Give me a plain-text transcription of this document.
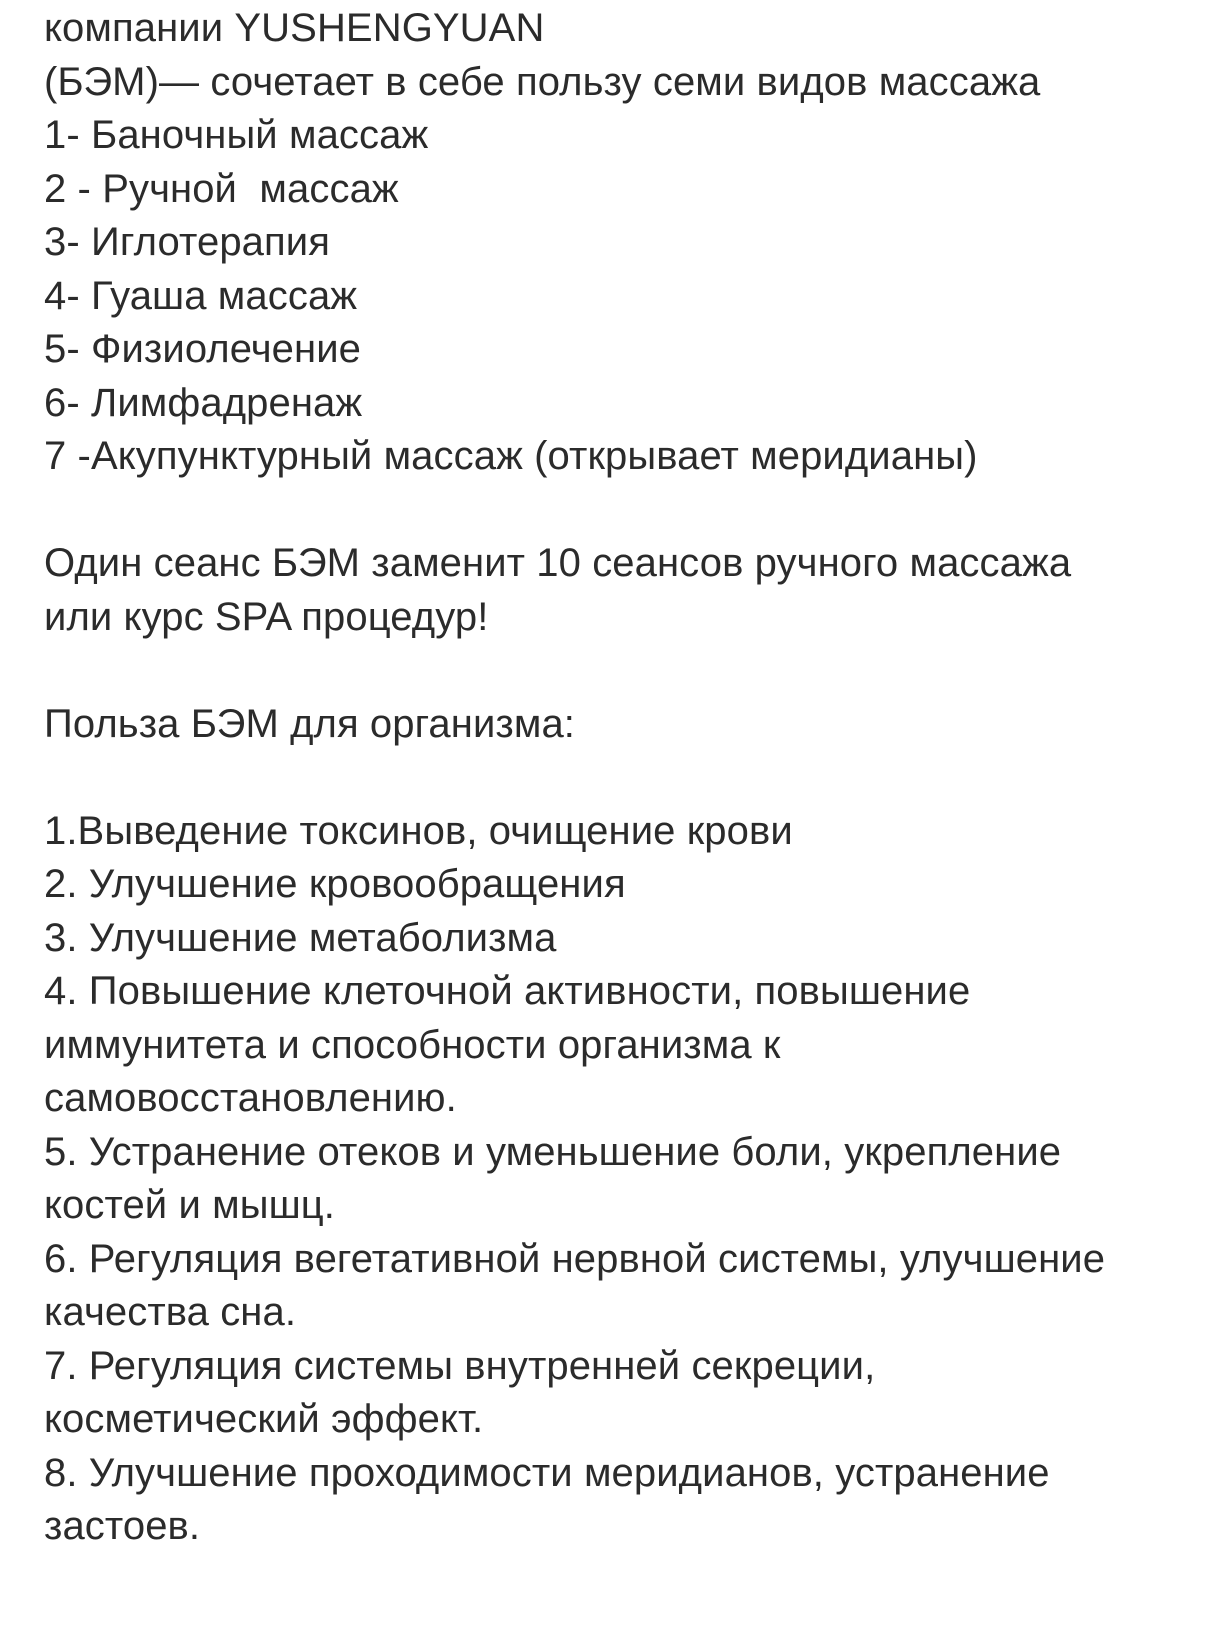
компании YUSHENGYUAN
(БЭМ)— сочетает в себе пользу семи видов массажа
1- Баночный массаж
2 - Ручной  массаж
3- Иглотерапия
4- Гуаша массаж
5- Физиолечение
6- Лимфадренаж
7 -Акупунктурный массаж (открывает меридианы)
Один сеанс БЭМ заменит 10 сеансов ручного массажа
или курс SPA процедур!
Польза БЭМ для организма:
1.Выведение токсинов, очищение крови
2. Улучшение кровообращения
3. Улучшение метаболизма
4. Повышение клеточной активности, повышение
иммунитета и способности организма к
самовосстановлению.
5. Устранение отеков и уменьшение боли, укрепление
костей и мышц.
6. Регуляция вегетативной нервной системы, улучшение
качества сна.
7. Регуляция системы внутренней секреции,
косметический эффект.
8. Улучшение проходимости меридианов, устранение
застоев.
